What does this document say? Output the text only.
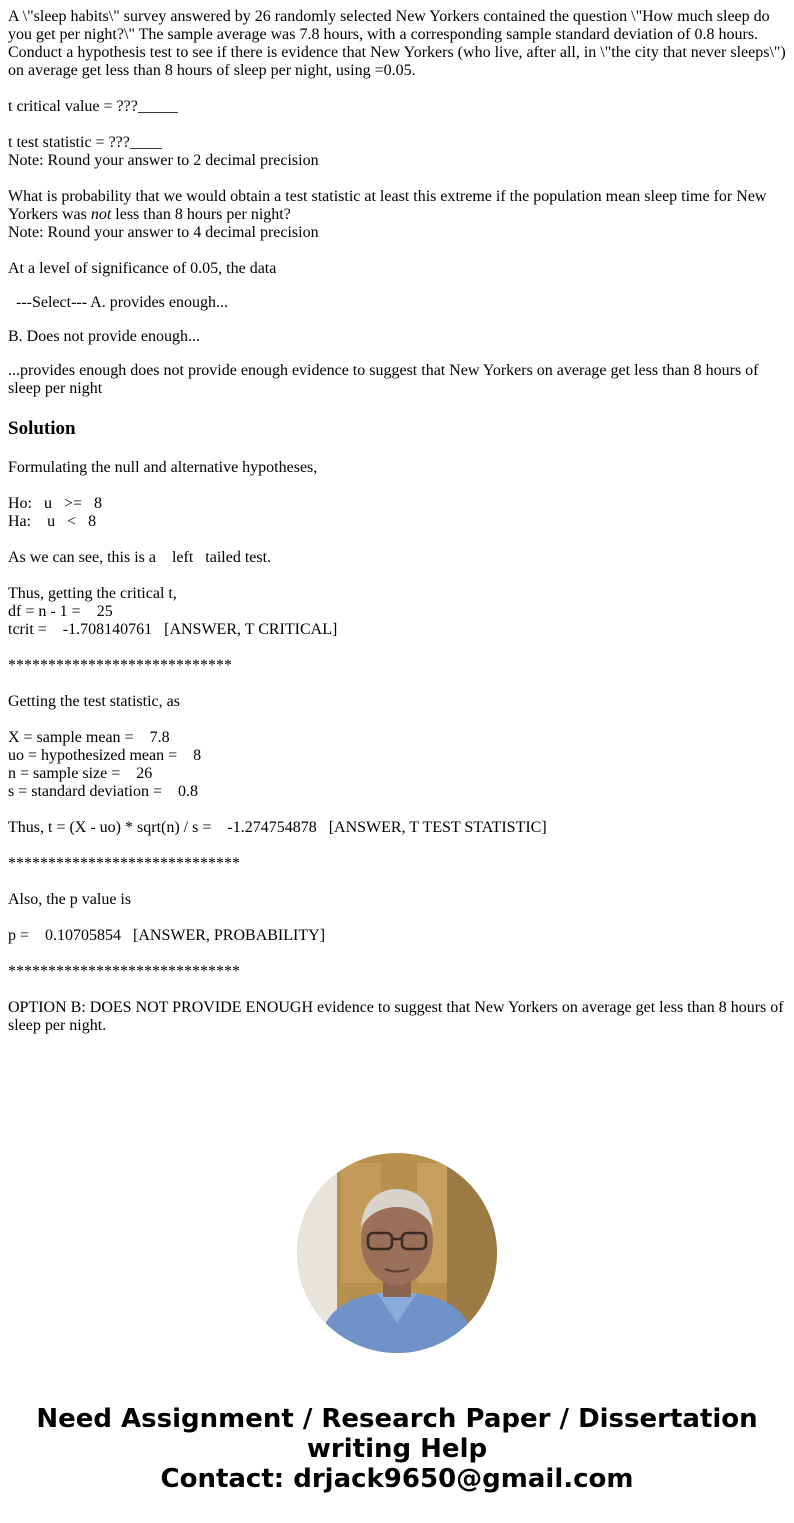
A \"sleep habits\" survey answered by 26 randomly selected New Yorkers contained the question \"How much sleep do you get per night?\" The sample average was 7.8 hours, with a corresponding sample standard deviation of 0.8 hours. Conduct a hypothesis test to see if there is evidence that New Yorkers (who live, after all, in \"the city that never sleeps\") on average get less than 8 hours of sleep per night, using =0.05.

t critical value = ???_____

t test statistic = ???____

Note: Round your answer to 2 decimal precision

What is probability that we would obtain a test statistic at least this extreme if the population mean sleep time for New Yorkers was not less than 8 hours per night?

Note: Round your answer to 4 decimal precision

At a level of significance of 0.05, the data

---Select--- A. provides enough...

B. Does not provide enough...

...provides enough does not provide enough evidence to suggest that New Yorkers on average get less than 8 hours of sleep per night

Solution

Formulating the null and alternative hypotheses,

Ho:   u   >=   8

Ha:    u   <   8

As we can see, this is a    left   tailed test.

Thus, getting the critical t,

df = n - 1 =    25

tcrit =    -1.708140761   [ANSWER, T CRITICAL]

****************************

Getting the test statistic, as

X = sample mean =    7.8

uo = hypothesized mean =    8

n = sample size =    26

s = standard deviation =    0.8

Thus, t = (X - uo) * sqrt(n) / s =    -1.274754878   [ANSWER, T TEST STATISTIC]

*****************************

Also, the p value is

p =    0.10705854   [ANSWER, PROBABILITY]

*****************************

OPTION B: DOES NOT PROVIDE ENOUGH evidence to suggest that New Yorkers on average get less than 8 hours of sleep per night.

Need Assignment / Research Paper / Dissertation
writing Help
Contact: drjack9650@gmail.com
